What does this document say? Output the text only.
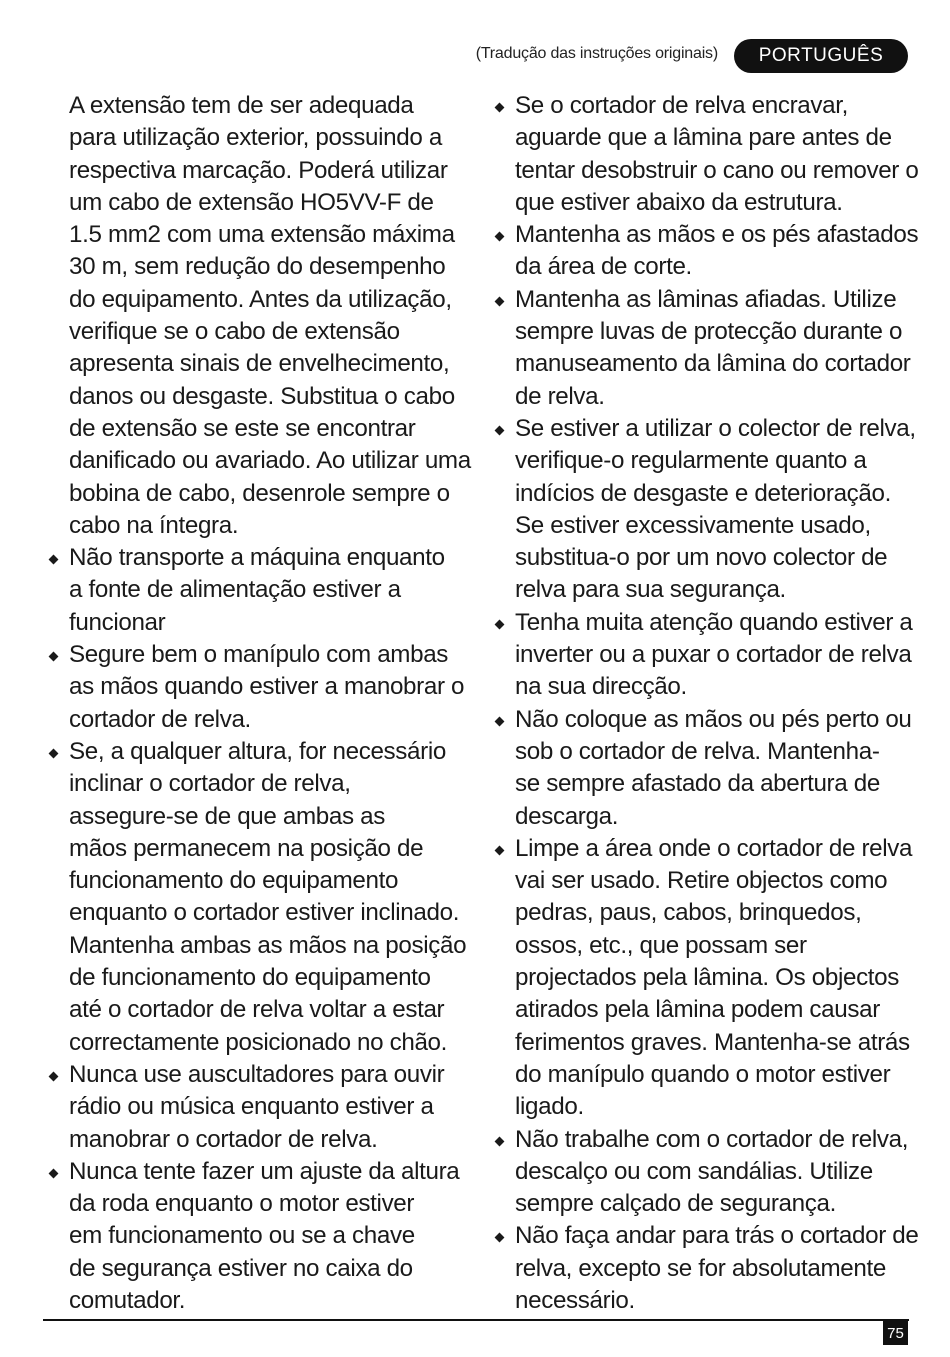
(Tradução das instruções originais)	PORTUGUÊS

A extensão tem de ser adequada
para utilização exterior, possuindo a
respectiva marcação. Poderá utilizar
um cabo de extensão HO5VV-F de
1.5 mm2 com uma extensão máxima
30 m, sem redução do desempenho
do equipamento. Antes da utilização,
verifique se o cabo de extensão
apresenta sinais de envelhecimento,
danos ou desgaste. Substitua o cabo
de extensão se este se encontrar
danificado ou avariado. Ao utilizar uma
bobina de cabo, desenrole sempre o
cabo na íntegra.

Não transporte a máquina enquanto
a fonte de alimentação estiver a
funcionar
Segure bem o manípulo com ambas
as mãos quando estiver a manobrar o
cortador de relva.
Se, a qualquer altura, for necessário
inclinar o cortador de relva,
assegure-se de que ambas as
mãos permanecem na posição de
funcionamento do equipamento
enquanto o cortador estiver inclinado.
Mantenha ambas as mãos na posição
de funcionamento do equipamento
até o cortador de relva voltar a estar
correctamente posicionado no chão.
Nunca use auscultadores para ouvir
rádio ou música enquanto estiver a
manobrar o cortador de relva.
Nunca tente fazer um ajuste da altura
da roda enquanto o motor estiver
em funcionamento ou se a chave
de segurança estiver no caixa do
comutador.
Se o cortador de relva encravar,
aguarde que a lâmina pare antes de
tentar desobstruir o cano ou remover o
que estiver abaixo da estrutura.
Mantenha as mãos e os pés afastados
da área de corte.
Mantenha as lâminas afiadas. Utilize
sempre luvas de protecção durante o
manuseamento da lâmina do cortador
de relva.
Se estiver a utilizar o colector de relva,
verifique-o regularmente quanto a
indícios de desgaste e deterioração.
Se estiver excessivamente usado,
substitua-o por um novo colector de
relva para sua segurança.
Tenha muita atenção quando estiver a
inverter ou a puxar o cortador de relva
na sua direcção.
Não coloque as mãos ou pés perto ou
sob o cortador de relva. Mantenha-
se sempre afastado da abertura de
descarga.
Limpe a área onde o cortador de relva
vai ser usado. Retire objectos como
pedras, paus, cabos, brinquedos,
ossos, etc., que possam ser
projectados pela lâmina. Os objectos
atirados pela lâmina podem causar
ferimentos graves. Mantenha-se atrás
do manípulo quando o motor estiver
ligado.
Não trabalhe com o cortador de relva,
descalço ou com sandálias. Utilize
sempre calçado de segurança.
Não faça andar para trás o cortador de
relva, excepto se for absolutamente
necessário.
75
